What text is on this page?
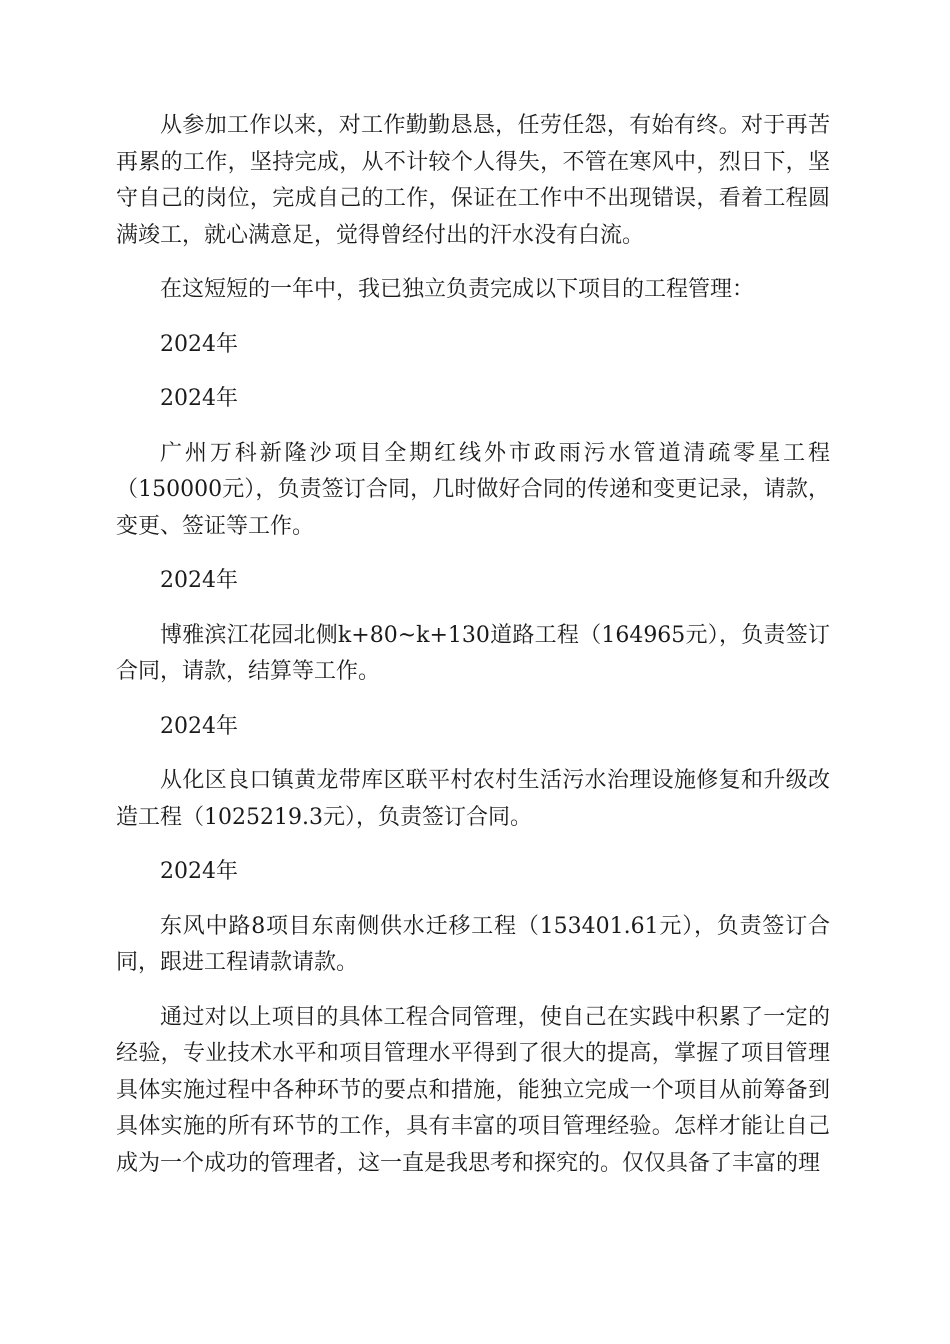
从参加工作以来，对工作勤勤恳恳，任劳任怨，有始有终。对于再苦再累的工作，坚持完成，从不计较个人得失，不管在寒风中，烈日下，坚守自己的岗位，完成自己的工作，保证在工作中不出现错误，看着工程圆满竣工，就心满意足，觉得曾经付出的汗水没有白流。

在这短短的一年中，我已独立负责完成以下项目的工程管理：

2024年

2024年

广州万科新隆沙项目全期红线外市政雨污水管道清疏零星工程（150000元），负责签订合同，几时做好合同的传递和变更记录，请款，变更、签证等工作。

2024年

博雅滨江花园北侧k+80~k+130道路工程（164965元），负责签订合同，请款，结算等工作。

2024年

从化区良口镇黄龙带库区联平村农村生活污水治理设施修复和升级改造工程（1025219.3元），负责签订合同。

2024年

东风中路8项目东南侧供水迁移工程（153401.61元），负责签订合同，跟进工程请款请款。

通过对以上项目的具体工程合同管理，使自己在实践中积累了一定的经验，专业技术水平和项目管理水平得到了很大的提高，掌握了项目管理具体实施过程中各种环节的要点和措施，能独立完成一个项目从前筹备到具体实施的所有环节的工作，具有丰富的项目管理经验。怎样才能让自己成为一个成功的管理者，这一直是我思考和探究的。仅仅具备了丰富的理
